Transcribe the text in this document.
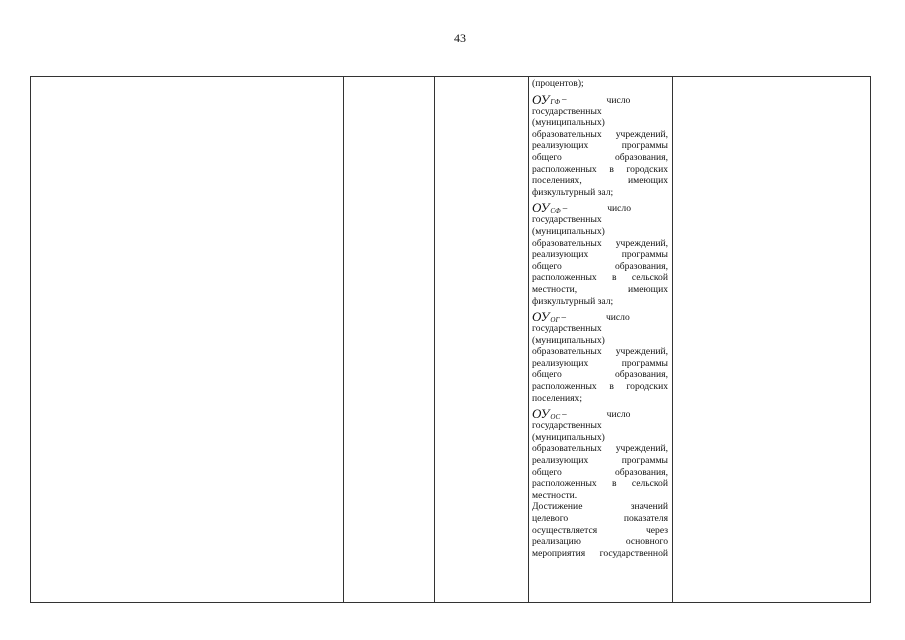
43

(процентов);
ОУ ГФ –	число
государственных
(муниципальных)
образовательных учреждений,
реализующих	программы
общего	образования,
расположенных в городских
поселениях,	имеющих
физкультурный зал;
ОУ СФ –	число
государственных
(муниципальных)
образовательных учреждений,
реализующих	программы
общего	образования,
расположенных в сельской
местности,	имеющих
физкультурный зал;
ОУ ОГ –	число
государственных
(муниципальных)
образовательных учреждений,
реализующих	программы
общего	образования,
расположенных в городских
поселениях;
ОУ ОС –	число
государственных
(муниципальных)
образовательных учреждений,
реализующих	программы
общего	образования,
расположенных в сельской
местности.
Достижение	значений
целевого	показателя
осуществляется	через
реализацию	основного
мероприятия государственной
